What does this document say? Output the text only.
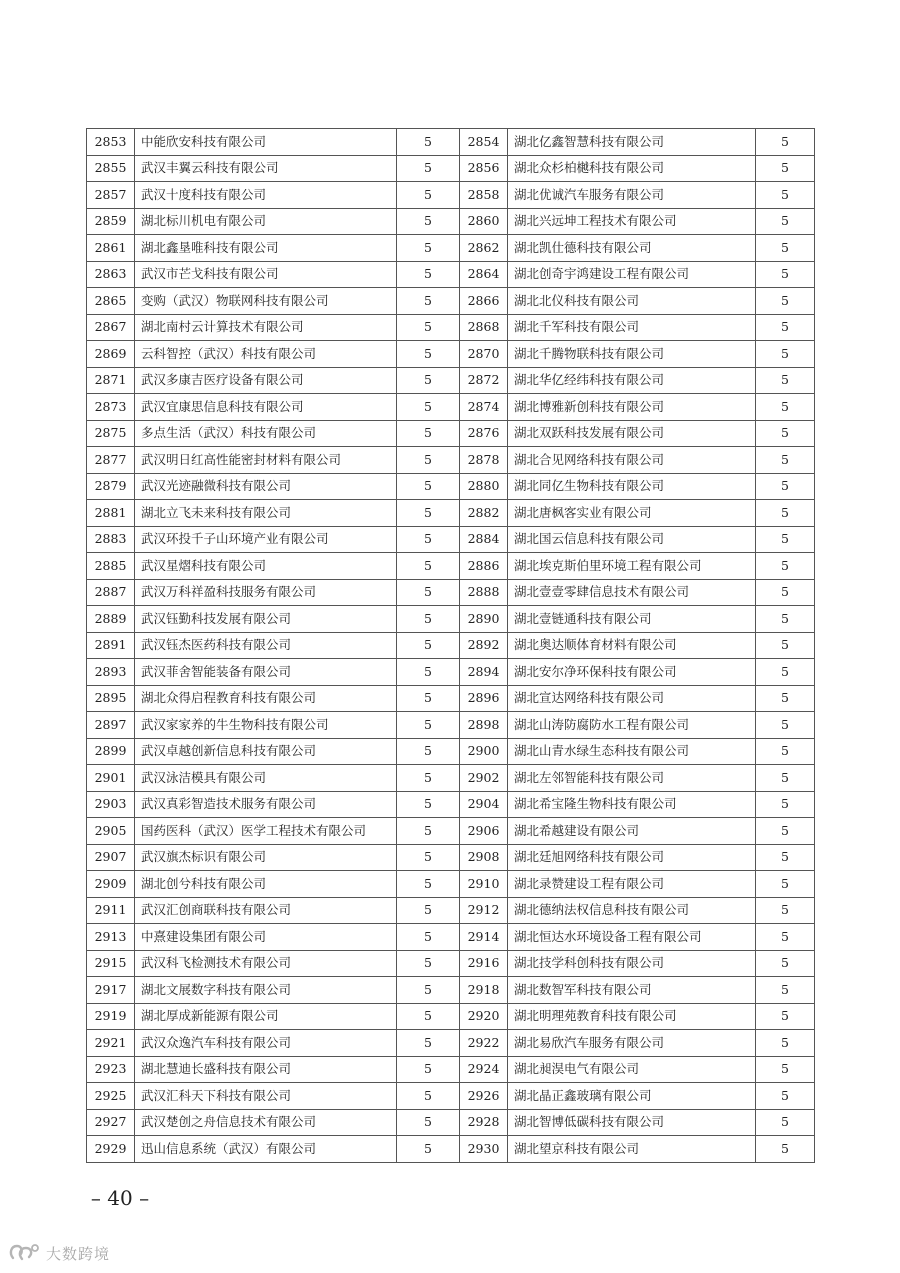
2853	中能欣安科技有限公司	5	2854	湖北亿鑫智慧科技有限公司	5
2855	武汉丰翼云科技有限公司	5	2856	湖北众杉柏樾科技有限公司	5
2857	武汉十度科技有限公司	5	2858	湖北优诚汽车服务有限公司	5
2859	湖北标川机电有限公司	5	2860	湖北兴远坤工程技术有限公司	5
2861	湖北鑫垦唯科技有限公司	5	2862	湖北凯仕德科技有限公司	5
2863	武汉市芒戈科技有限公司	5	2864	湖北创奇宇鸿建设工程有限公司	5
2865	变购（武汉）物联网科技有限公司	5	2866	湖北北仪科技有限公司	5
2867	湖北南村云计算技术有限公司	5	2868	湖北千军科技有限公司	5
2869	云科智控（武汉）科技有限公司	5	2870	湖北千腾物联科技有限公司	5
2871	武汉多康吉医疗设备有限公司	5	2872	湖北华亿经纬科技有限公司	5
2873	武汉宜康思信息科技有限公司	5	2874	湖北博雅新创科技有限公司	5
2875	多点生活（武汉）科技有限公司	5	2876	湖北双跃科技发展有限公司	5
2877	武汉明日红高性能密封材料有限公司	5	2878	湖北合见网络科技有限公司	5
2879	武汉光迹融微科技有限公司	5	2880	湖北同亿生物科技有限公司	5
2881	湖北立飞未来科技有限公司	5	2882	湖北唐枫客实业有限公司	5
2883	武汉环投千子山环境产业有限公司	5	2884	湖北国云信息科技有限公司	5
2885	武汉星熠科技有限公司	5	2886	湖北埃克斯伯里环境工程有限公司	5
2887	武汉万科祥盈科技服务有限公司	5	2888	湖北壹壹零肆信息技术有限公司	5
2889	武汉钰勤科技发展有限公司	5	2890	湖北壹链通科技有限公司	5
2891	武汉钰杰医药科技有限公司	5	2892	湖北奥达顺体育材料有限公司	5
2893	武汉菲舍智能装备有限公司	5	2894	湖北安尔净环保科技有限公司	5
2895	湖北众得启程教育科技有限公司	5	2896	湖北宣达网络科技有限公司	5
2897	武汉家家养的牛生物科技有限公司	5	2898	湖北山涛防腐防水工程有限公司	5
2899	武汉卓越创新信息科技有限公司	5	2900	湖北山青水绿生态科技有限公司	5
2901	武汉泳洁模具有限公司	5	2902	湖北左邻智能科技有限公司	5
2903	武汉真彩智造技术服务有限公司	5	2904	湖北希宝隆生物科技有限公司	5
2905	国药医科（武汉）医学工程技术有限公司	5	2906	湖北希越建设有限公司	5
2907	武汉旗杰标识有限公司	5	2908	湖北廷旭网络科技有限公司	5
2909	湖北创兮科技有限公司	5	2910	湖北录赞建设工程有限公司	5
2911	武汉汇创商联科技有限公司	5	2912	湖北德纳法权信息科技有限公司	5
2913	中熹建设集团有限公司	5	2914	湖北恒达水环境设备工程有限公司	5
2915	武汉科飞检测技术有限公司	5	2916	湖北技学科创科技有限公司	5
2917	湖北文展数字科技有限公司	5	2918	湖北数智军科技有限公司	5
2919	湖北厚成新能源有限公司	5	2920	湖北明理苑教育科技有限公司	5
2921	武汉众逸汽车科技有限公司	5	2922	湖北易欣汽车服务有限公司	5
2923	湖北慧迪长盛科技有限公司	5	2924	湖北昶淏电气有限公司	5
2925	武汉汇科天下科技有限公司	5	2926	湖北晶正鑫玻璃有限公司	5
2927	武汉楚创之舟信息技术有限公司	5	2928	湖北智博低碳科技有限公司	5
2929	迅山信息系统（武汉）有限公司	5	2930	湖北望京科技有限公司	5
– 40 –
大数跨境
